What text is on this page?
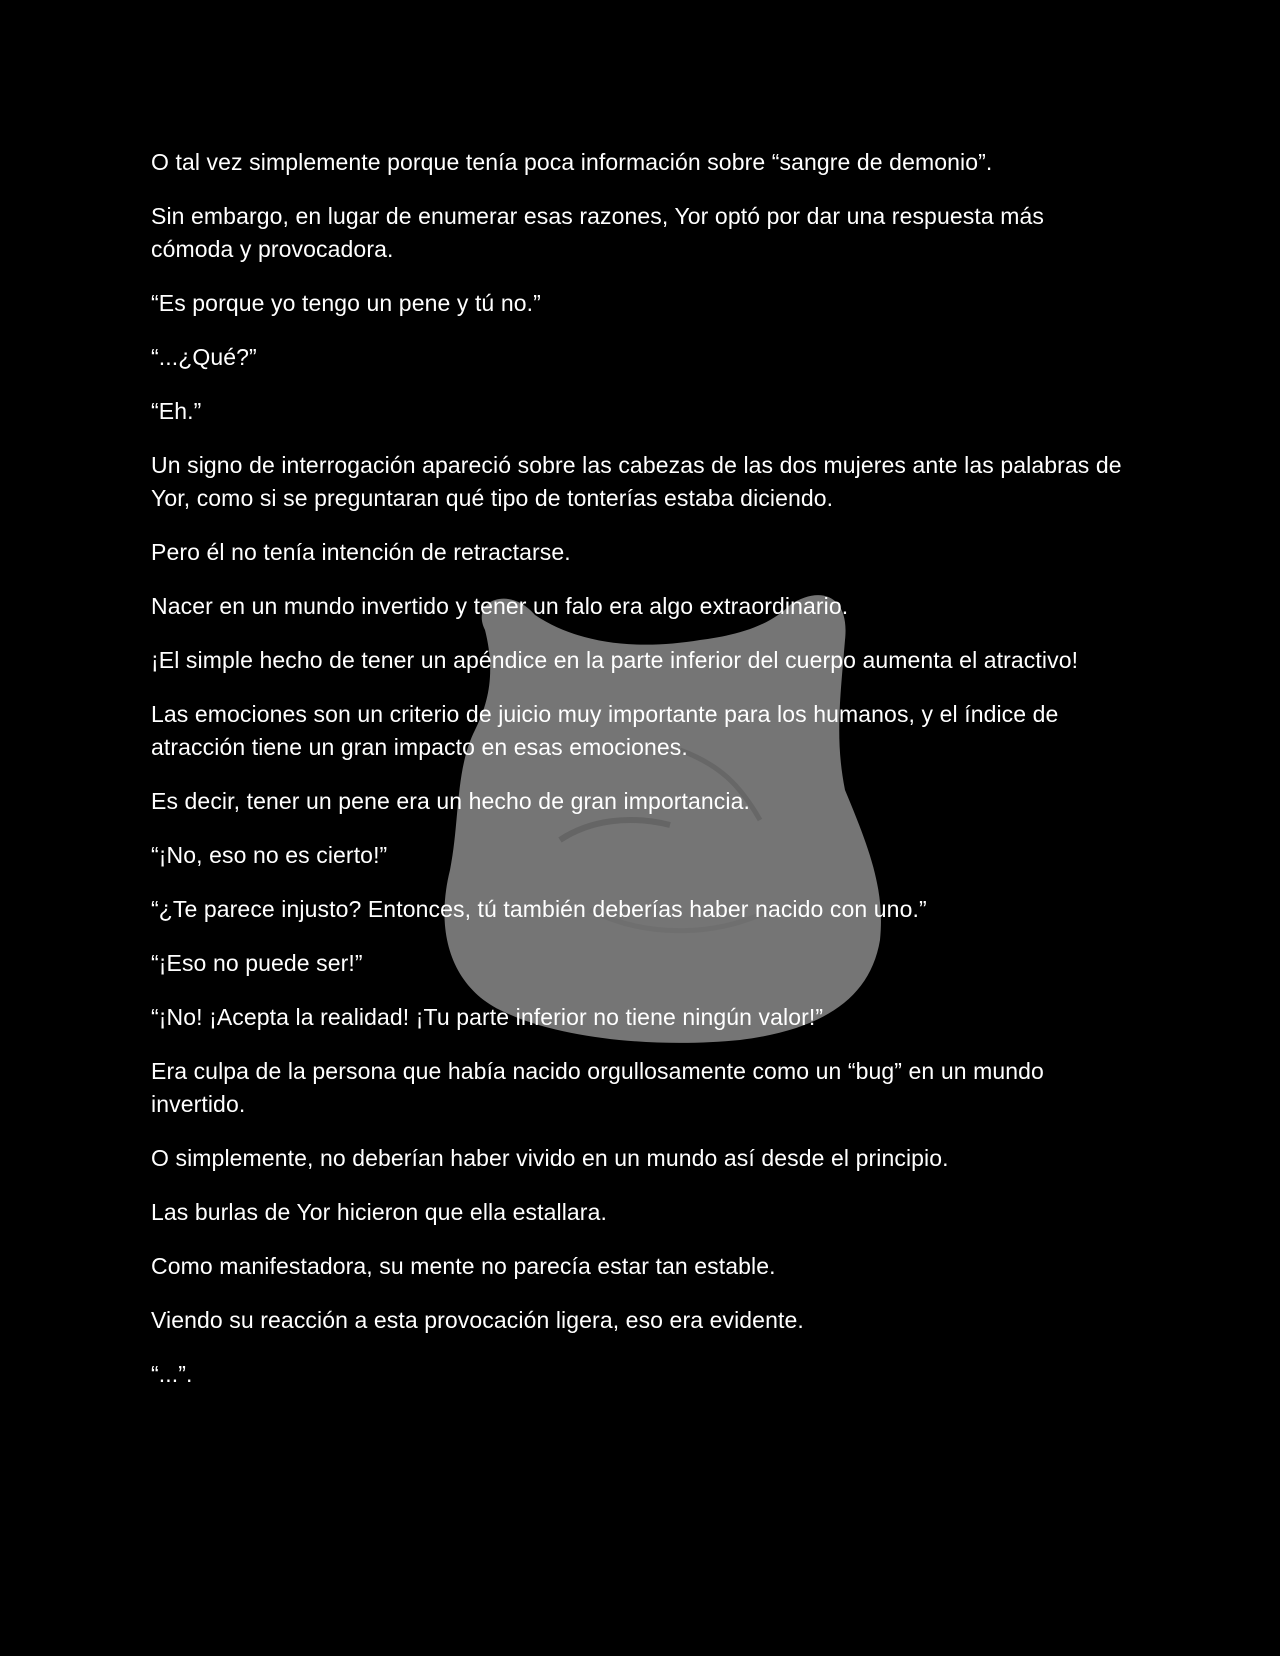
O tal vez simplemente porque tenía poca información sobre “sangre de demonio”.

Sin embargo, en lugar de enumerar esas razones, Yor optó por dar una respuesta más cómoda y provocadora.

“Es porque yo tengo un pene y tú no.”

“...¿Qué?”

“Eh.”

Un signo de interrogación apareció sobre las cabezas de las dos mujeres ante las palabras de Yor, como si se preguntaran qué tipo de tonterías estaba diciendo.

Pero él no tenía intención de retractarse.

Nacer en un mundo invertido y tener un falo era algo extraordinario.

¡El simple hecho de tener un apéndice en la parte inferior del cuerpo aumenta el atractivo!

Las emociones son un criterio de juicio muy importante para los humanos, y el índice de atracción tiene un gran impacto en esas emociones.

Es decir, tener un pene era un hecho de gran importancia.

“¡No, eso no es cierto!”

“¿Te parece injusto? Entonces, tú también deberías haber nacido con uno.”

“¡Eso no puede ser!”

“¡No! ¡Acepta la realidad! ¡Tu parte inferior no tiene ningún valor!”

Era culpa de la persona que había nacido orgullosamente como un “bug” en un mundo invertido.

O simplemente, no deberían haber vivido en un mundo así desde el principio.

Las burlas de Yor hicieron que ella estallara.

Como manifestadora, su mente no parecía estar tan estable.

Viendo su reacción a esta provocación ligera, eso era evidente.

“...”.
